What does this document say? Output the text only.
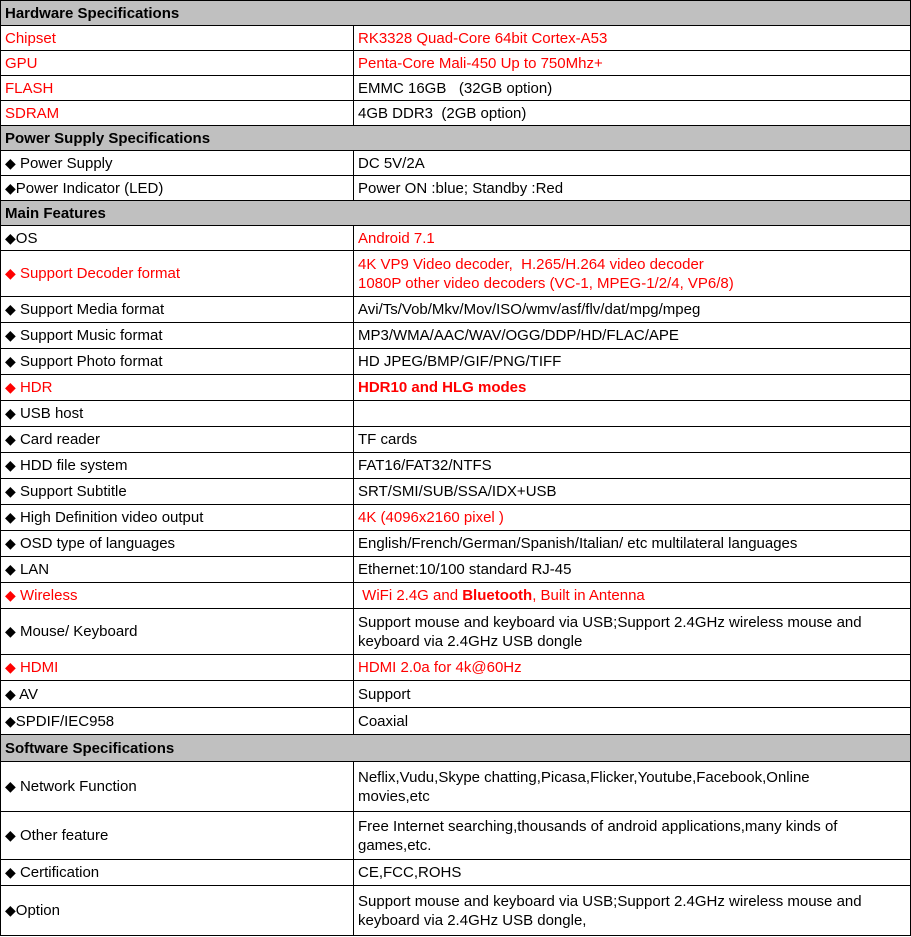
Hardware Specifications	
Chipset	RK3328 Quad-Core 64bit Cortex-A53
GPU	Penta-Core Mali-450 Up to 750Mhz+
FLASH	EMMC 16GB   (32GB option)
SDRAM	4GB DDR3  (2GB option)
Power Supply Specifications	
◆ Power Supply	DC 5V/2A
◆Power Indicator (LED)	Power ON :blue; Standby :Red
Main Features	
◆OS	Android 7.1
◆ Support Decoder format	4K VP9 Video decoder,  H.265/H.264 video decoder
1080P other video decoders (VC-1, MPEG-1/2/4, VP6/8)

◆ Support Media format	Avi/Ts/Vob/Mkv/Mov/ISO/wmv/asf/flv/dat/mpg/mpeg
◆ Support Music format	MP3/WMA/AAC/WAV/OGG/DDP/HD/FLAC/APE
◆ Support Photo format	HD JPEG/BMP/GIF/PNG/TIFF
◆ HDR	HDR10 and HLG modes
◆ USB host	
◆ Card reader	TF cards
◆ HDD file system	FAT16/FAT32/NTFS
◆ Support Subtitle	SRT/SMI/SUB/SSA/IDX+USB
◆ High Definition video output	4K (4096x2160 pixel )
◆ OSD type of languages	English/French/German/Spanish/Italian/ etc multilateral languages
◆ LAN	Ethernet:10/100 standard RJ-45
◆ Wireless	WiFi 2.4G and Bluetooth, Built in Antenna
◆ Mouse/ Keyboard	Support mouse and keyboard via USB;Support 2.4GHz wireless mouse and
keyboard via 2.4GHz USB dongle

◆ HDMI	HDMI 2.0a for 4k@60Hz
◆ AV	Support
◆SPDIF/IEC958	Coaxial
Software Specifications	
◆ Network Function	Neflix,Vudu,Skype chatting,Picasa,Flicker,Youtube,Facebook,Online
movies,etc

◆ Other feature	Free Internet searching,thousands of android applications,many kinds of
games,etc.

◆ Certification	CE,FCC,ROHS
◆Option	Support mouse and keyboard via USB;Support 2.4GHz wireless mouse and
keyboard via 2.4GHz USB dongle,
